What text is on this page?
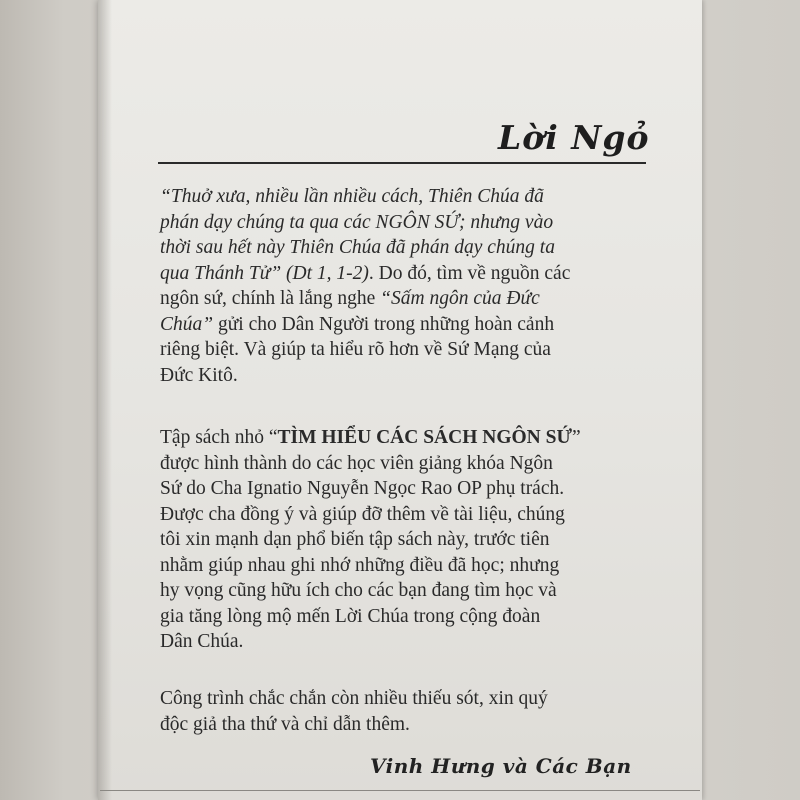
Lời Ngỏ
“Thuở xưa, nhiều lần nhiều cách, Thiên Chúa đã
phán dạy chúng ta qua các NGÔN SỨ; nhưng vào
thời sau hết này Thiên Chúa đã phán dạy chúng ta
qua Thánh Tử” (Dt 1, 1-2). Do đó, tìm về nguồn các
ngôn sứ, chính là lắng nghe “Sấm ngôn của Đức
Chúa” gửi cho Dân Người trong những hoàn cảnh
riêng biệt. Và giúp ta hiểu rõ hơn về Sứ Mạng của
Đức Kitô.
Tập sách nhỏ “TÌM HIỂU CÁC SÁCH NGÔN SỨ”
được hình thành do các học viên giảng khóa Ngôn
Sứ do Cha Ignatio Nguyễn Ngọc Rao OP phụ trách.
Được cha đồng ý và giúp đỡ thêm về tài liệu, chúng
tôi xin mạnh dạn phổ biến tập sách này, trước tiên
nhằm giúp nhau ghi nhớ những điều đã học; nhưng
hy vọng cũng hữu ích cho các bạn đang tìm học và
gia tăng lòng mộ mến Lời Chúa trong cộng đoàn
Dân Chúa.
Công trình chắc chắn còn nhiều thiếu sót, xin quý
độc giả tha thứ và chỉ dẫn thêm.
Vinh Hưng và Các Bạn
